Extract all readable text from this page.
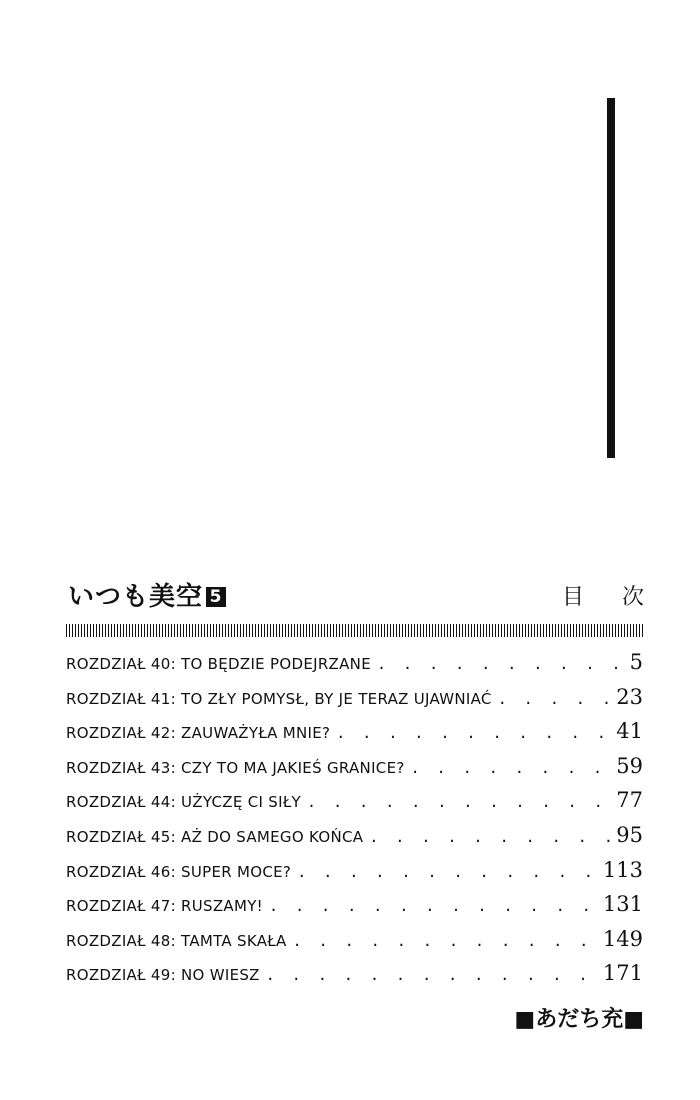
いつも美空 5	目次
ROZDZIAŁ 40: TO BĘDZIE PODEJRZANE . . .	5
ROZDZIAŁ 41: TO ZŁY POMYSŁ, BY JE TERAZ UJAWNIAĆ . . .	23
ROZDZIAŁ 42: ZAUWAŻYŁA MNIE? . . .	41
ROZDZIAŁ 43: CZY TO MA JAKIEŚ GRANICE? . . .	59
ROZDZIAŁ 44: UŻYCZĘ CI SIŁY . . .	77
ROZDZIAŁ 45: AŻ DO SAMEGO KOŃCA . . .	95
ROZDZIAŁ 46: SUPER MOCE? . . .	113
ROZDZIAŁ 47: RUSZAMY! . . .	131
ROZDZIAŁ 48: TAMTA SKAŁA . . .	149
ROZDZIAŁ 49: NO WIESZ . . .	171
■あだち充■
